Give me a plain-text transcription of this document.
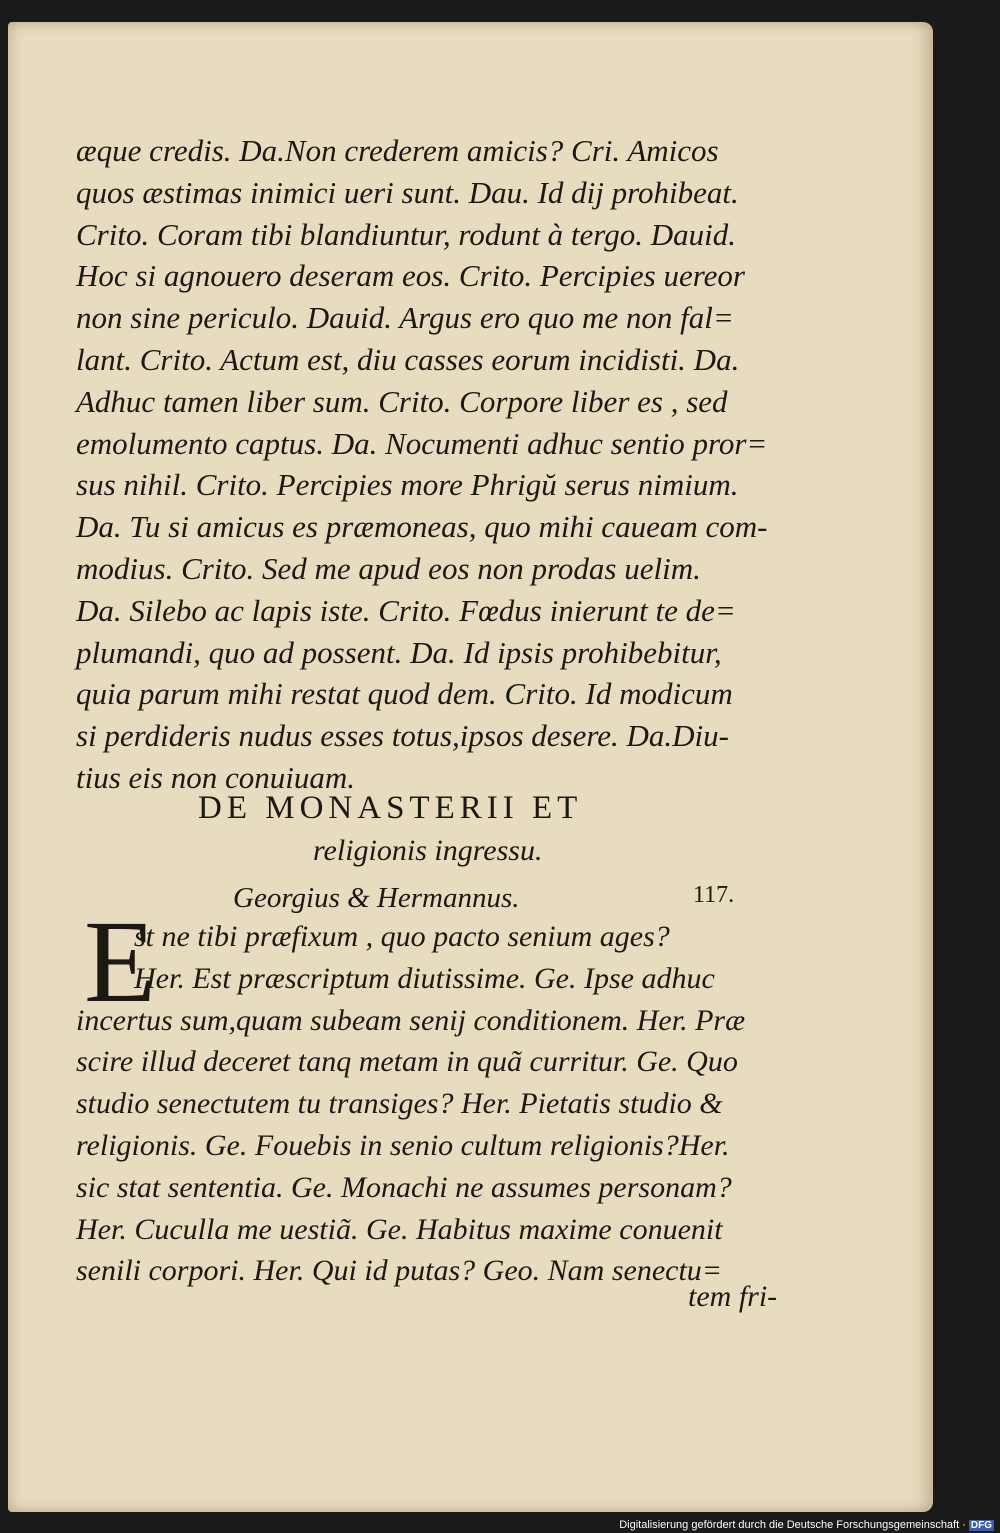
æque credis. Da.Non crederem amicis? Cri. Amicos
quos æstimas inimici ueri sunt. Dau. Id dij prohibeat.
Crito. Coram tibi blandiuntur, rodunt à tergo. Dauid.
Hoc si agnouero deseram eos. Crito. Percipies uereor
non sine periculo. Dauid. Argus ero quo me non fal=
lant. Crito. Actum est, diu casses eorum incidisti. Da.
Adhuc tamen liber sum. Crito. Corpore liber es , sed
emolumento captus. Da. Nocumenti adhuc sentio pror=
sus nihil. Crito. Percipies more Phrigŭ serus nimium.
Da. Tu si amicus es præmoneas, quo mihi caueam com-
modius. Crito. Sed me apud eos non prodas uelim.
Da. Silebo ac lapis iste. Crito. Fœdus inierunt te de=
plumandi, quo ad possent. Da. Id ipsis prohibebitur,
quia parum mihi restat quod dem. Crito. Id modicum
si perdideris nudus esses totus,ipsos desere. Da.Diu-
tius eis non conuiuam.
DE MONASTERII ET
religionis ingressu.
Georgius & Hermannus.	117.
E
st ne tibi præfixum , quo pacto senium ages?
Her. Est præscriptum diutissime. Ge. Ipse adhuc
incertus sum,quam subeam senij conditionem. Her. Præ
scire illud deceret tanq metam in quã curritur. Ge. Quo
studio senectutem tu transiges? Her. Pietatis studio &
religionis. Ge. Fouebis in senio cultum religionis?Her.
sic stat sententia. Ge. Monachi ne assumes personam?
Her. Cuculla me uestiã. Ge. Habitus maxime conuenit
senili corpori. Her. Qui id putas? Geo. Nam senectu=
tem fri-
Digitalisierung gefördert durch die Deutsche Forschungsgemeinschaft · DFG
